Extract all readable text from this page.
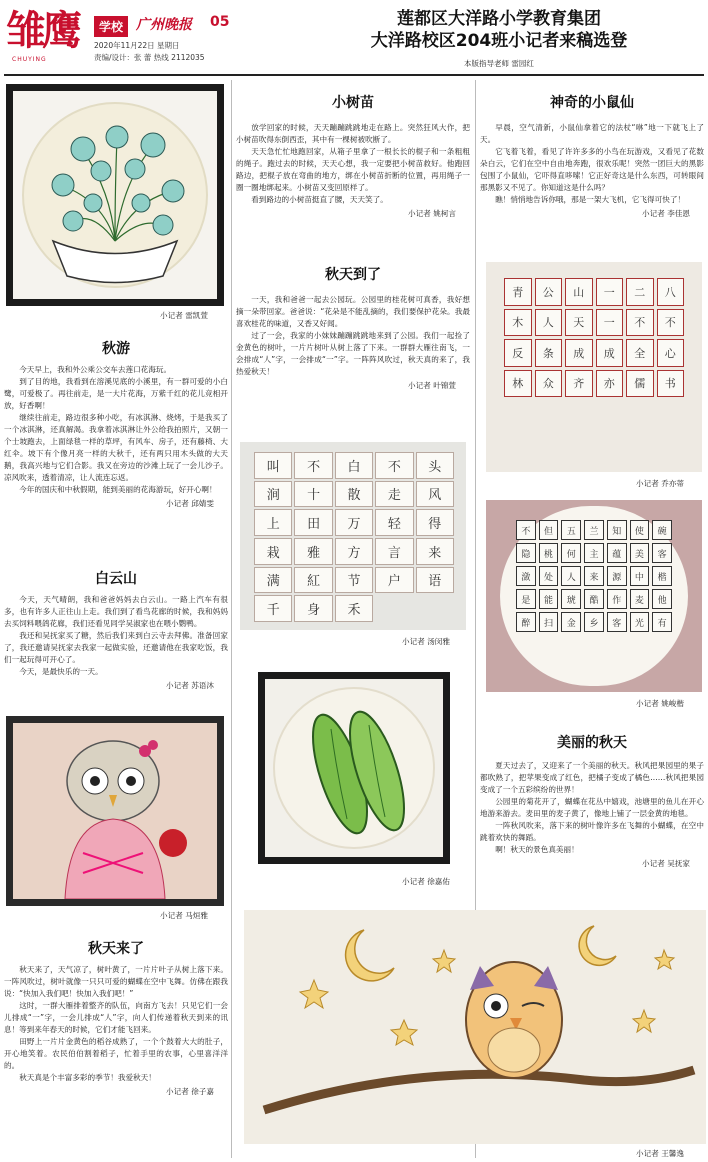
雏鹰
CHUYING
学校 广州晚报 05
2020年11月22日 星期日
责编/设计：张 蕾 热线 2112035
莲都区大洋路小学教育集团
大洋路校区204班小记者来稿选登
本版指导老师 雷园红
小记者 雷凯萱
秋游

今天早上，我和外公乘公交车去莲口花海玩。

到了目的地，我看到在溶溪见底的小溪里，有一群可爱的小白鹭，可爱极了。再往前走，是一大片花海，万紫千红的花儿竞相开放，好香啊！

继续往前走，路边很多种小吃，有冰淇淋、烧烤，于是我买了一个冰淇淋，还真解渴。我拿着冰淇淋让外公给我拍照片，又朝一个士坡跑去，上面绿毯一样的草坪，有风车、房子，还有藤椅、大红伞。坡下有个像月亮一样的大秋千，还有两只用木头做的大天鹅，我高兴地与它们合影。我又在旁边的沙滩上玩了一会儿沙子。凉风吹来，透着清凉，让人流连忘返。

今年的国庆和中秋假期，能到美丽的花海游玩，好开心啊！

小记者 邱婧雯
白云山

今天，天气晴朗，我和爸爸妈妈去白云山。一路上汽车有很多，也有许多人正往山上走。我们到了看鸟花廊的时候，我和妈妈去买饲料喂鸽花廊，我们还看见同学吴淑家也在喂小鹦鸭。

我还和吴抚家买了糖，然后我们来到白云寺去拜佛。准备回家了，我还邀请吴抚家去我家一起做实验，还邀请他在我家吃饭，我们一起玩得可开心了。

今天，是最快乐的一天。

小记者 苏语沐
小记者 马烜雅
秋天来了

秋天来了，天气凉了，树叶黄了，一片片叶子从树上落下来。一阵风吹过，树叶就像一只只可爱的蝴蝶在空中飞舞。仿佛在跟我说：“快加入我们吧！快加入我们吧！”

这时，一群大雁排着整齐的队伍，向南方飞去！只见它们一会儿排成“一”字，一会儿排成“人”字，向人们传递着秋天到来的讯息！等到来年春天的时候，它们才能飞回来。

田野上一片片金黄色的稻谷成熟了，一个个鼓着大大的肚子，开心地笑着。农民伯伯割着稻子，忙着手里的农事，心里喜洋洋的。

秋天真是个丰富多彩的季节！我爱秋天！

小记者 徐子嘉
小树苗

放学回家的时候，天天蹦蹦跳跳地走在路上。突然狂风大作，把小树苗吹得东倒西歪，其中有一棵树被吹断了。

天天急忙忙地跑回家，从箱子里拿了一根长长的棍子和一条粗粗的绳子。跑过去的时候，天天心想，我一定要把小树苗救好。他跑回路边，把棍子放在弯曲的地方，绑在小树苗折断的位置，再用绳子一圈一圈地绑起来。小树苗又变回原样了。

看到路边的小树苗挺直了腰，天天笑了。

小记者 姚柯言
秋天到了

一天，我和爸爸一起去公园玩。公园里的桂花树可真香，我好想摘一朵带回家。爸爸说：“花朵是不能乱摘的，我们要保护花朵。我最喜欢桂花的味道，又香又好闻。

过了一会，我家的小妹妹蹦蹦跳跳地来到了公园。我们一起捡了金黄色的树叶，一片片树叶从树上落了下来。一群群大雁往南飞，一会排成“人”字，一会排成“一”字。一阵阵风吹过，秋天真的来了，我热爱秋天！

小记者 叶锦萱
叫	不	白	不	头
涧	十	散	走	风
上	田	万	轻	得
栽	雅	方	言	来
满	紅	节	户	语
千	身	禾
小记者 汤闵雅
小记者 徐嘉佑
神奇的小鼠仙

早晨，空气清新，小鼠仙拿着它的法杖“咻”地一下就飞上了天。

它飞着飞着，看见了许许多多的小鸟在玩游戏，又看见了花数朵白云，它们在空中自由地奔跑，很欢乐呢！突然一团巨大的黑影包围了小鼠仙，它吓得直哆嗦！它正好奇这是什么东西，可转眼间那黑影又不见了。你知道这是什么吗？

瞧！悄悄地告诉你哦，那是一架大飞机，它飞得可快了！

小记者 李佳恩
青	公	山	一	二	八
木	人	天	一	不	不
反	条	成	成	全	心
林	众	齐	亦	儒	书
小记者 乔亦蒂
不	但	五	兰	知	使	碗
隐	桃	何	主	蕴	美	客
潋	处	人	来	源	中	楷
是	能	琥	酷	作	麦	他
醉	扫	金	乡	客	光	有
小记者 姚峻楷
美丽的秋天

夏天过去了，又迎来了一个美丽的秋天。秋风把果园里的果子都吹熟了，把苹果变成了红色，把橘子变成了橘色……秋风把果园变成了一个五彩缤纷的世界！

公园里的菊花开了，蝴蝶在花丛中嬉戏，池塘里的鱼儿在开心地游来游去。麦田里的麦子黄了，像地上铺了一层金黄的地毯。

一阵秋风吹来，落下来的树叶像许多在飞舞的小蝴蝶，在空中跳着欢快的舞蹈。

啊！秋天的景色真美丽！

小记者 吴抚家
小记者 王馨逸
